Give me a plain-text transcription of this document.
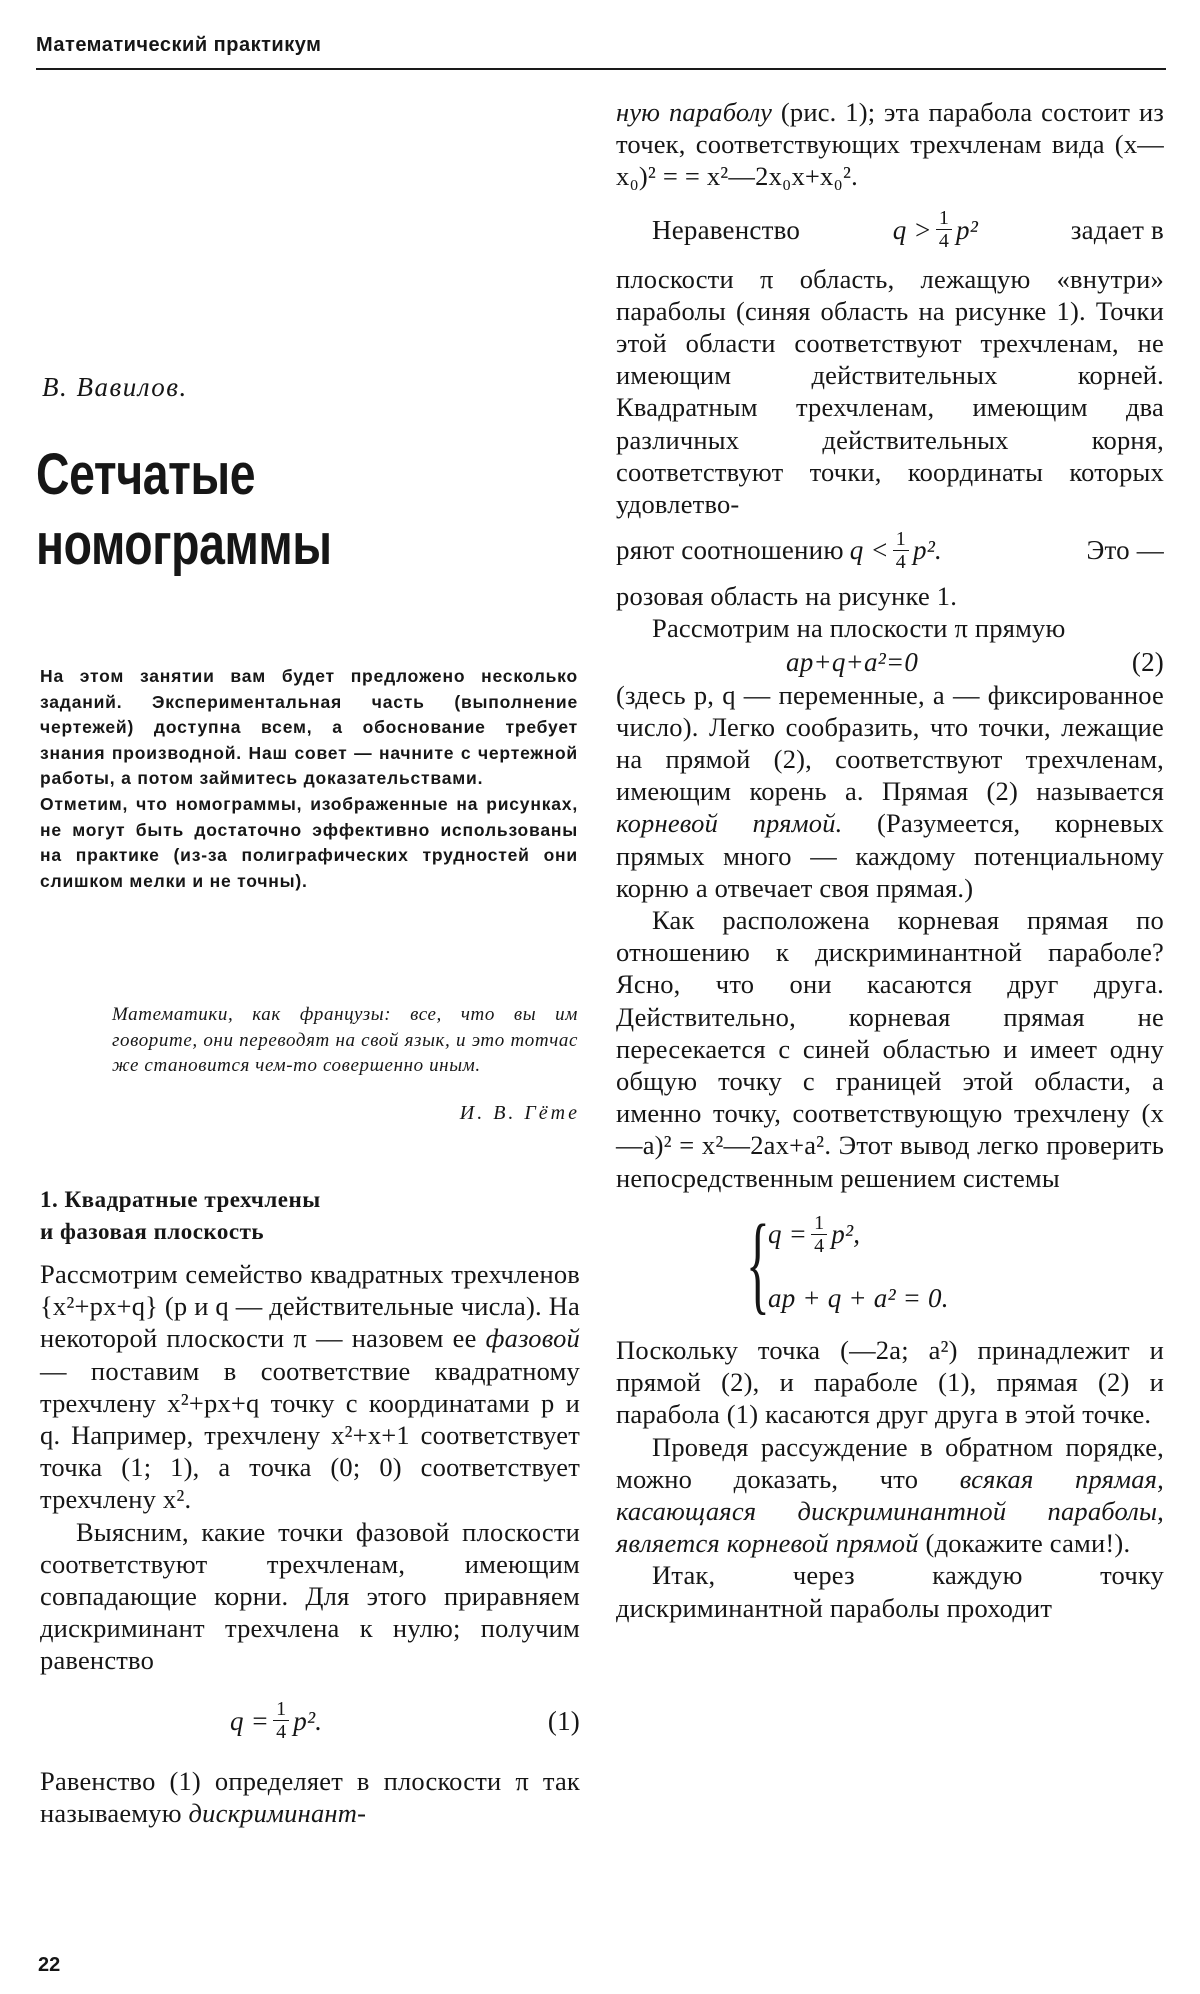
Математический практикум
В. Вавилов.
Сетчатые
номограммы

На этом занятии вам будет предложено несколько заданий. Экспериментальная часть (выполнение чертежей) доступна всем, а обоснование требует знания производной. Наш совет — начните с чертежной работы, а потом займитесь доказательствами.

Отметим, что номограммы, изображенные на рисунках, не могут быть достаточно эффективно использованы на практике (из-за полиграфических трудностей они слишком мелки и не точны).

Математики, как французы: все, что вы им говорите, они переводят на свой язык, и это тотчас же становится чем-то совершенно иным.

И. В. Гёте
1. Квадратные трехчлены
и фазовая плоскость

Рассмотрим семейство квадратных трехчленов {x²+px+q} (p и q — действительные числа). На некоторой плоскости π — назовем ее фазовой — поставим в соответствие квадратному трехчлену x²+px+q точку с координатами p и q. Например, трехчлену x²+x+1 соответствует точка (1; 1), а точка (0; 0) соответствует трехчлену x².

Выясним, какие точки фазовой плоскости соответствуют трехчленам, имеющим совпадающие корни. Для этого приравняем дискриминант трехчлена к нулю; получим равенство

$q = \frac{1}{4} p^2$.	(1)

Равенство (1) определяет в плоскости π так называемую дискриминант-

ную параболу (рис. 1); эта парабола состоит из точек, соответствующих трехчленам вида (x—x₀)² = = x²—2x₀x+x₀².

Неравенство	$q > \frac{1}{4} p^2$	задает в

плоскости π область, лежащую «внутри» параболы (синяя область на рисунке 1). Точки этой области соответствуют трехчленам, не имеющим действительных корней. Квадратным трехчленам, имеющим два различных действительных корня, соответствуют точки, координаты которых удовлетво-

ряют соотношению $q < \frac{1}{4} p^2$.	Это —

розовая область на рисунке 1.

Рассмотрим на плоскости π прямую

ap+q+a²=0	(2)

(здесь p, q — переменные, a — фиксированное число). Легко сообразить, что точки, лежащие на прямой (2), соответствуют трехчленам, имеющим корень a. Прямая (2) называется корневой прямой. (Разумеется, корневых прямых много — каждому потенциальному корню a отвечает своя прямая.)

Как расположена корневая прямая по отношению к дискриминантной параболе? Ясно, что они касаются друг друга. Действительно, корневая прямая не пересекается с синей областью и имеет одну общую точку с границей этой области, а именно точку, соответствующую трехчлену (x—a)² = x²—2ax+a². Этот вывод легко проверить непосредственным решением системы

{
$q = \frac{1}{4} p^2$,
ap + q + a² = 0.

Поскольку точка (—2a; a²) принадлежит и прямой (2), и параболе (1), прямая (2) и парабола (1) касаются друг друга в этой точке.

Проведя рассуждение в обратном порядке, можно доказать, что всякая прямая, касающаяся дискриминантной параболы, является корневой прямой (докажите сами!).

Итак, через каждую точку дискриминантной параболы проходит

22
